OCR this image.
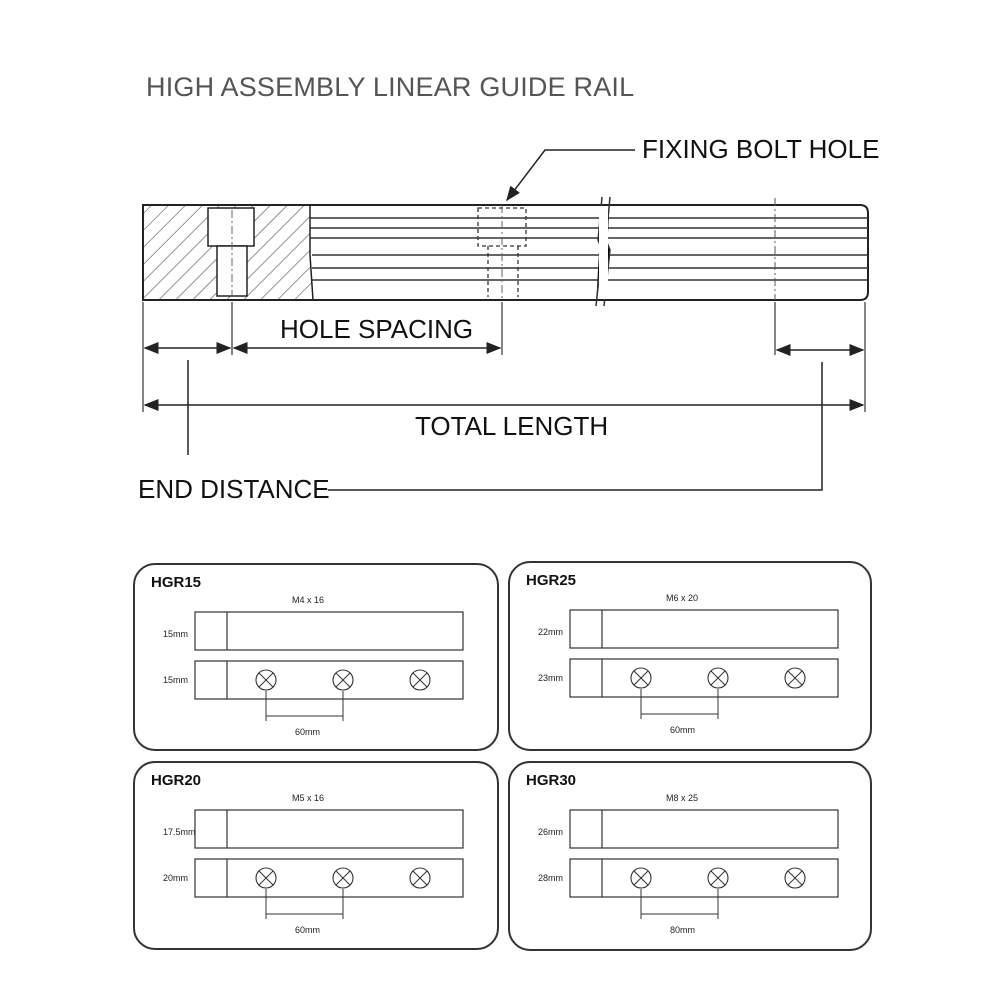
HIGH ASSEMBLY LINEAR GUIDE RAIL
FIXING BOLT HOLE
HOLE SPACING
TOTAL LENGTH
END DISTANCE
HGR15
M4 x 16
15mm
15mm
60mm
HGR25
M6 x 20
22mm
23mm
60mm
HGR20
M5 x 16
17.5mm
20mm
60mm
HGR30
M8 x 25
26mm
28mm
80mm
